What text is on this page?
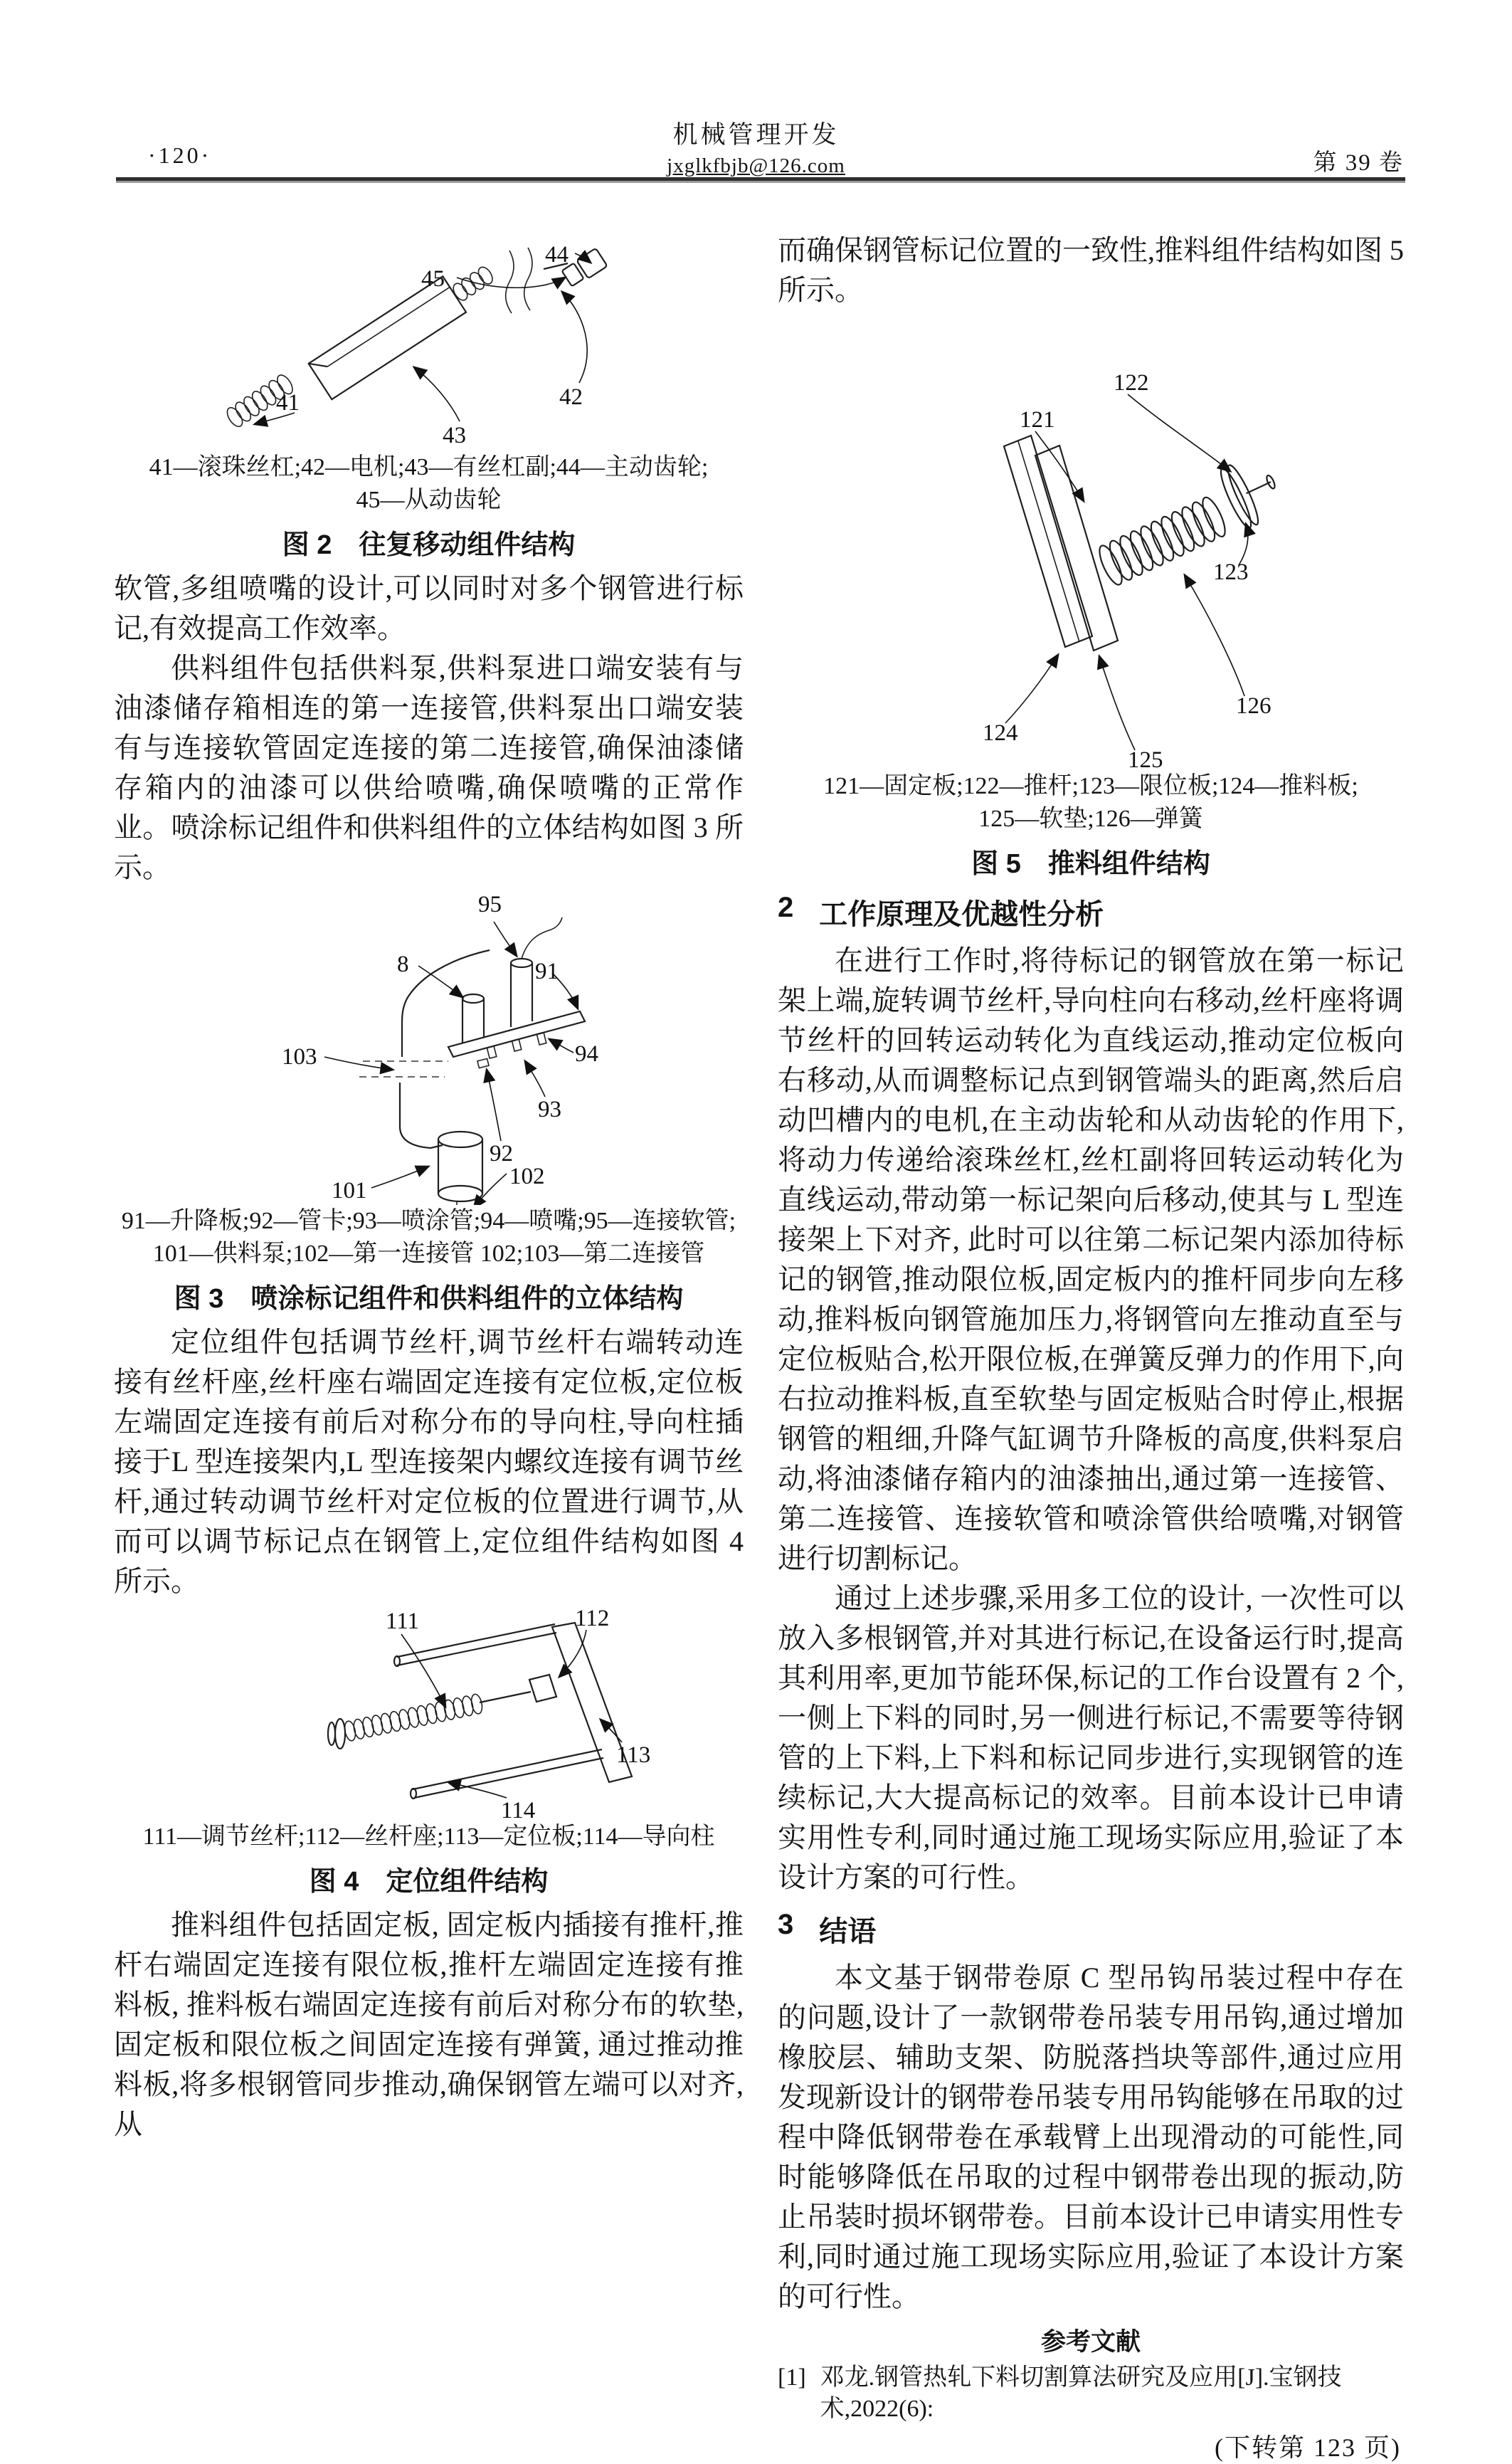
·120·
机械管理开发
jxglkfbjb@126.com	第 39 卷
45
44
41	42
43
41—滚珠丝杠;42—电机;43—有丝杠副;44—主动齿轮;
45—从动齿轮
图 2　往复移动组件结构

软管,多组喷嘴的设计,可以同时对多个钢管进行标记,有效提高工作效率。

供料组件包括供料泵,供料泵进口端安装有与油漆储存箱相连的第一连接管,供料泵出口端安装有与连接软管固定连接的第二连接管,确保油漆储存箱内的油漆可以供给喷嘴,确保喷嘴的正常作业。喷涂标记组件和供料组件的立体结构如图 3 所示。

95
8	91
103	94
93
92
102
101
91—升降板;92—管卡;93—喷涂管;94—喷嘴;95—连接软管;
101—供料泵;102—第一连接管 102;103—第二连接管
图 3　喷涂标记组件和供料组件的立体结构

定位组件包括调节丝杆,调节丝杆右端转动连接有丝杆座,丝杆座右端固定连接有定位板,定位板左端固定连接有前后对称分布的导向柱,导向柱插接于L 型连接架内,L 型连接架内螺纹连接有调节丝杆,通过转动调节丝杆对定位板的位置进行调节,从而可以调节标记点在钢管上,定位组件结构如图 4 所示。

111	112
113
114
111—调节丝杆;112—丝杆座;113—定位板;114—导向柱
图 4　定位组件结构

推料组件包括固定板, 固定板内插接有推杆,推杆右端固定连接有限位板,推杆左端固定连接有推料板, 推料板右端固定连接有前后对称分布的软垫,固定板和限位板之间固定连接有弹簧, 通过推动推料板,将多根钢管同步推动,确保钢管左端可以对齐,从

而确保钢管标记位置的一致性,推料组件结构如图 5 所示。

121
122
123
124
125
126
121—固定板;122—推杆;123—限位板;124—推料板;
125—软垫;126—弹簧
图 5　推料组件结构
2 工作原理及优越性分析

在进行工作时,将待标记的钢管放在第一标记架上端,旋转调节丝杆,导向柱向右移动,丝杆座将调节丝杆的回转运动转化为直线运动,推动定位板向右移动,从而调整标记点到钢管端头的距离,然后启动凹槽内的电机,在主动齿轮和从动齿轮的作用下,将动力传递给滚珠丝杠,丝杠副将回转运动转化为直线运动,带动第一标记架向后移动,使其与 L 型连接架上下对齐, 此时可以往第二标记架内添加待标记的钢管,推动限位板,固定板内的推杆同步向左移动,推料板向钢管施加压力,将钢管向左推动直至与定位板贴合,松开限位板,在弹簧反弹力的作用下,向右拉动推料板,直至软垫与固定板贴合时停止,根据钢管的粗细,升降气缸调节升降板的高度,供料泵启动,将油漆储存箱内的油漆抽出,通过第一连接管、第二连接管、连接软管和喷涂管供给喷嘴,对钢管进行切割标记。

通过上述步骤,采用多工位的设计, 一次性可以放入多根钢管,并对其进行标记,在设备运行时,提高其利用率,更加节能环保,标记的工作台设置有 2 个, 一侧上下料的同时,另一侧进行标记,不需要等待钢管的上下料,上下料和标记同步进行,实现钢管的连续标记,大大提高标记的效率。目前本设计已申请实用性专利,同时通过施工现场实际应用,验证了本设计方案的可行性。

3 结语

本文基于钢带卷原 C 型吊钩吊装过程中存在的问题,设计了一款钢带卷吊装专用吊钩,通过增加橡胶层、辅助支架、防脱落挡块等部件,通过应用发现新设计的钢带卷吊装专用吊钩能够在吊取的过程中降低钢带卷在承载臂上出现滑动的可能性,同时能够降低在吊取的过程中钢带卷出现的振动,防止吊装时损坏钢带卷。目前本设计已申请实用性专利,同时通过施工现场实际应用,验证了本设计方案的可行性。

参考文献
[1] 邓龙.钢管热轧下料切割算法研究及应用[J].宝钢技术,2022(6):
(下转第 123 页)
